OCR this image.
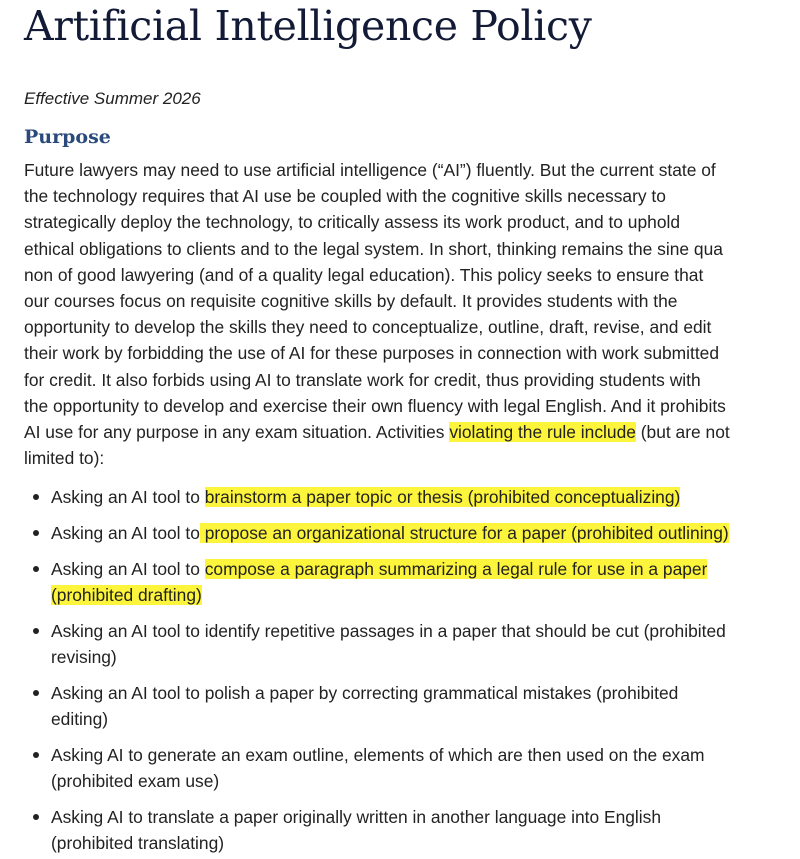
Artificial Intelligence Policy

Effective Summer 2026

Purpose
Future lawyers may need to use artificial intelligence (“AI”) fluently. But the current state of
the technology requires that AI use be coupled with the cognitive skills necessary to
strategically deploy the technology, to critically assess its work product, and to uphold
ethical obligations to clients and to the legal system. In short, thinking remains the sine qua
non of good lawyering (and of a quality legal education). This policy seeks to ensure that
our courses focus on requisite cognitive skills by default. It provides students with the
opportunity to develop the skills they need to conceptualize, outline, draft, revise, and edit
their work by forbidding the use of AI for these purposes in connection with work submitted
for credit. It also forbids using AI to translate work for credit, thus providing students with
the opportunity to develop and exercise their own fluency with legal English. And it prohibits
AI use for any purpose in any exam situation. Activities violating the rule include (but are not
limited to):
Asking an AI tool to brainstorm a paper topic or thesis (prohibited conceptualizing)
Asking an AI tool to propose an organizational structure for a paper (prohibited outlining)
Asking an AI tool to compose a paragraph summarizing a legal rule for use in a paper
(prohibited drafting)
Asking an AI tool to identify repetitive passages in a paper that should be cut (prohibited
revising)
Asking an AI tool to polish a paper by correcting grammatical mistakes (prohibited
editing)
Asking AI to generate an exam outline, elements of which are then used on the exam
(prohibited exam use)
Asking AI to translate a paper originally written in another language into English
(prohibited translating)
